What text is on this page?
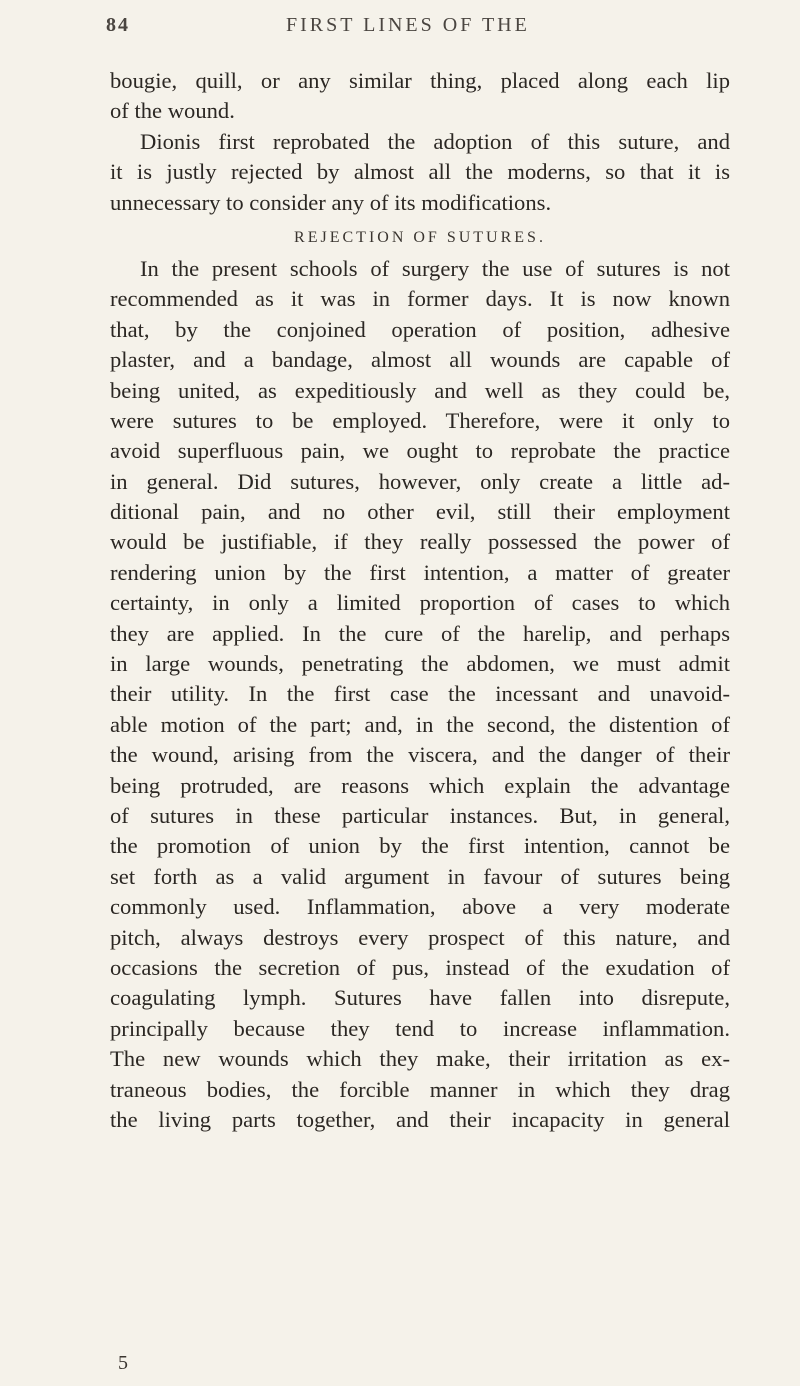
84	FIRST LINES OF THE
bougie, quill, or any similar thing, placed along each lip
of the wound.
Dionis first reprobated the adoption of this suture, and
it is justly rejected by almost all the moderns, so that it is
unnecessary to consider any of its modifications.
REJECTION OF SUTURES.
In the present schools of surgery the use of sutures is not
recommended as it was in former days. It is now known
that, by the conjoined operation of position, adhesive
plaster, and a bandage, almost all wounds are capable of
being united, as expeditiously and well as they could be,
were sutures to be employed. Therefore, were it only to
avoid superfluous pain, we ought to reprobate the practice
in general. Did sutures, however, only create a little ad-
ditional pain, and no other evil, still their employment
would be justifiable, if they really possessed the power of
rendering union by the first intention, a matter of greater
certainty, in only a limited proportion of cases to which
they are applied. In the cure of the harelip, and perhaps
in large wounds, penetrating the abdomen, we must admit
their utility. In the first case the incessant and unavoid-
able motion of the part; and, in the second, the distention of
the wound, arising from the viscera, and the danger of their
being protruded, are reasons which explain the advantage
of sutures in these particular instances. But, in general,
the promotion of union by the first intention, cannot be
set forth as a valid argument in favour of sutures being
commonly used. Inflammation, above a very moderate
pitch, always destroys every prospect of this nature, and
occasions the secretion of pus, instead of the exudation of
coagulating lymph. Sutures have fallen into disrepute,
principally because they tend to increase inflammation.
The new wounds which they make, their irritation as ex-
traneous bodies, the forcible manner in which they drag
the living parts together, and their incapacity in general
5
